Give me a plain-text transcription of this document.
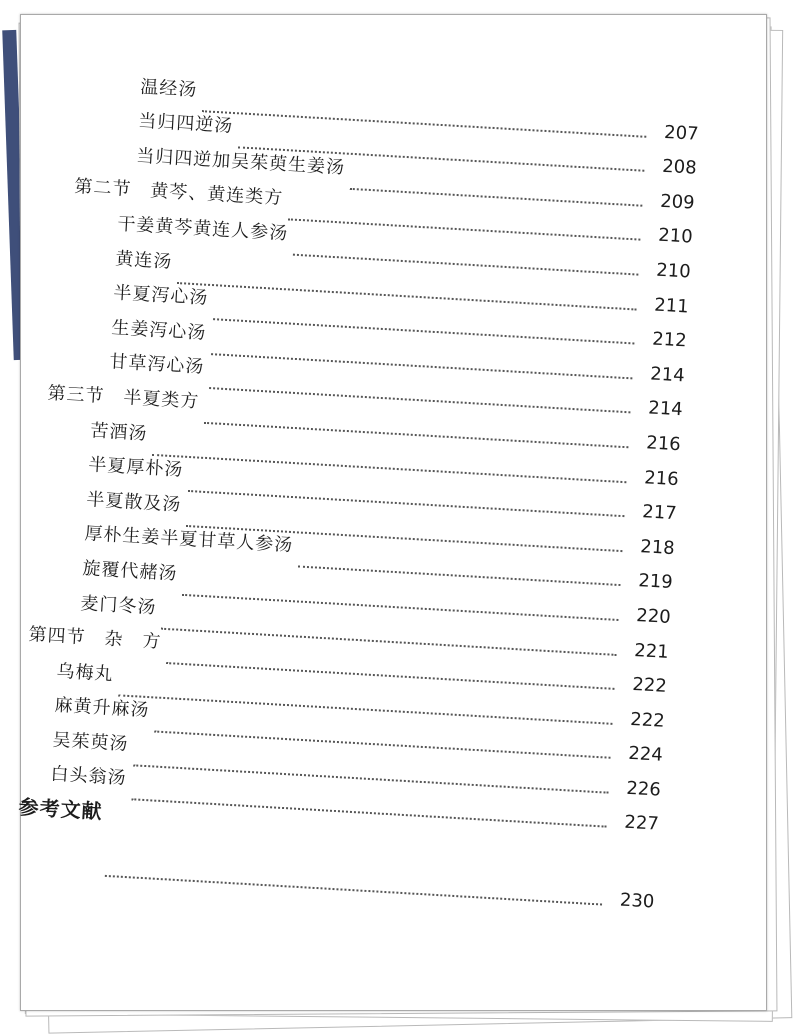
温经汤
207
当归四逆汤
208
当归四逆加吴茱萸生姜汤
209
第二节　黄芩、黄连类方
210
干姜黄芩黄连人参汤
210
黄连汤
211
半夏泻心汤
212
生姜泻心汤
214
甘草泻心汤
214
第三节　半夏类方
216
苦酒汤
216
半夏厚朴汤
217
半夏散及汤
218
厚朴生姜半夏甘草人参汤
219
旋覆代赭汤
220
麦门冬汤
221
第四节　杂　方
222
乌梅丸
222
麻黄升麻汤
224
吴茱萸汤
226
白头翁汤
227
参考文献
230
